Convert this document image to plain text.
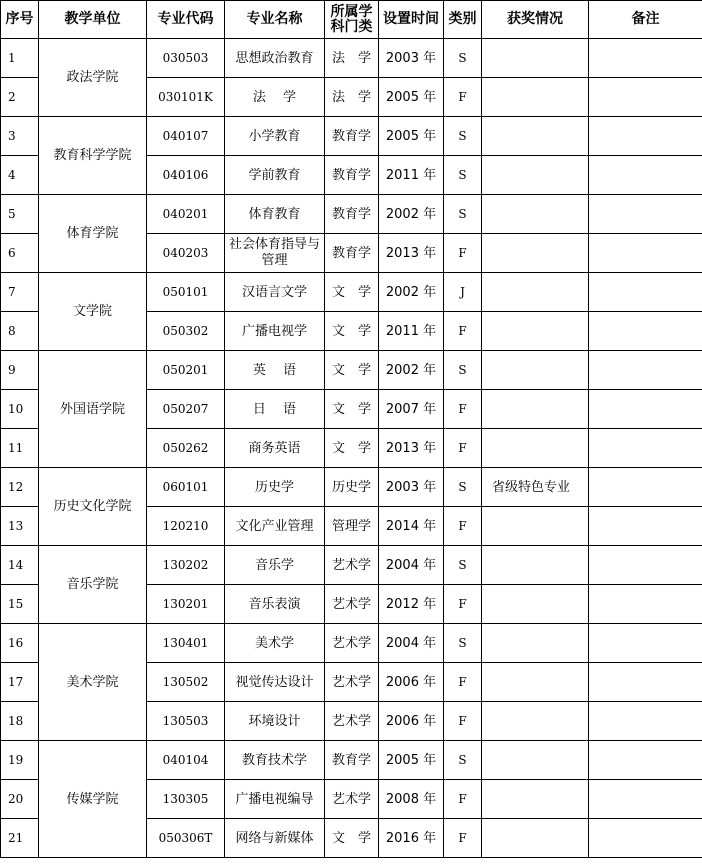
序号	教学单位	专业代码	专业名称	所属学科门类	设置时间	类别	获奖情况	备注
1	政法学院	030503	思想政治教育	法　学	2003 年	S		
2		030101K	法　 学	法　学	2005 年	F		
3	教育科学学院	040107	小学教育	教育学	2005 年	S		
4		040106	学前教育	教育学	2011 年	S		
5	体育学院	040201	体育教育	教育学	2002 年	S		
6		040203	社会体育指导与管理	教育学	2013 年	F		
7	文学院	050101	汉语言文学	文　学	2002 年	J		
8		050302	广播电视学	文　学	2011 年	F		
9	外国语学院	050201	英　 语	文　学	2002 年	S		
10		050207	日　 语	文　学	2007 年	F		
11		050262	商务英语	文　学	2013 年	F		
12	历史文化学院	060101	历史学	历史学	2003 年	S	省级特色专业	
13		120210	文化产业管理	管理学	2014 年	F		
14	音乐学院	130202	音乐学	艺术学	2004 年	S		
15		130201	音乐表演	艺术学	2012 年	F		
16	美术学院	130401	美术学	艺术学	2004 年	S		
17		130502	视觉传达设计	艺术学	2006 年	F		
18		130503	环境设计	艺术学	2006 年	F		
19	传媒学院	040104	教育技术学	教育学	2005 年	S		
20		130305	广播电视编导	艺术学	2008 年	F		
21		050306T	网络与新媒体	文　学	2016 年	F		
